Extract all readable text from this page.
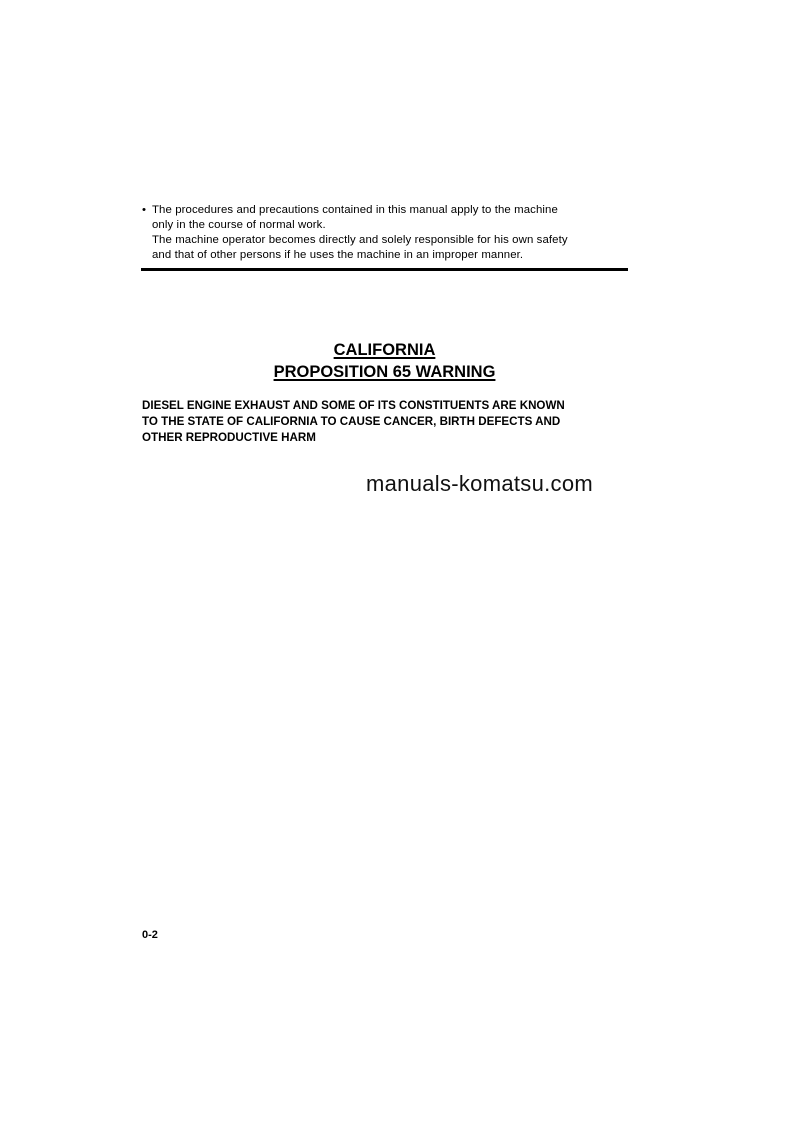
• The procedures and precautions contained in this manual apply to the machine
only in the course of normal work.
The machine operator becomes directly and solely responsible for his own safety
and that of other persons if he uses the machine in an improper manner.
CALIFORNIA
PROPOSITION 65 WARNING
DIESEL ENGINE EXHAUST AND SOME OF ITS CONSTITUENTS ARE KNOWN
TO THE STATE OF CALIFORNIA TO CAUSE CANCER, BIRTH DEFECTS AND
OTHER REPRODUCTIVE HARM
manuals-komatsu.com
0-2
